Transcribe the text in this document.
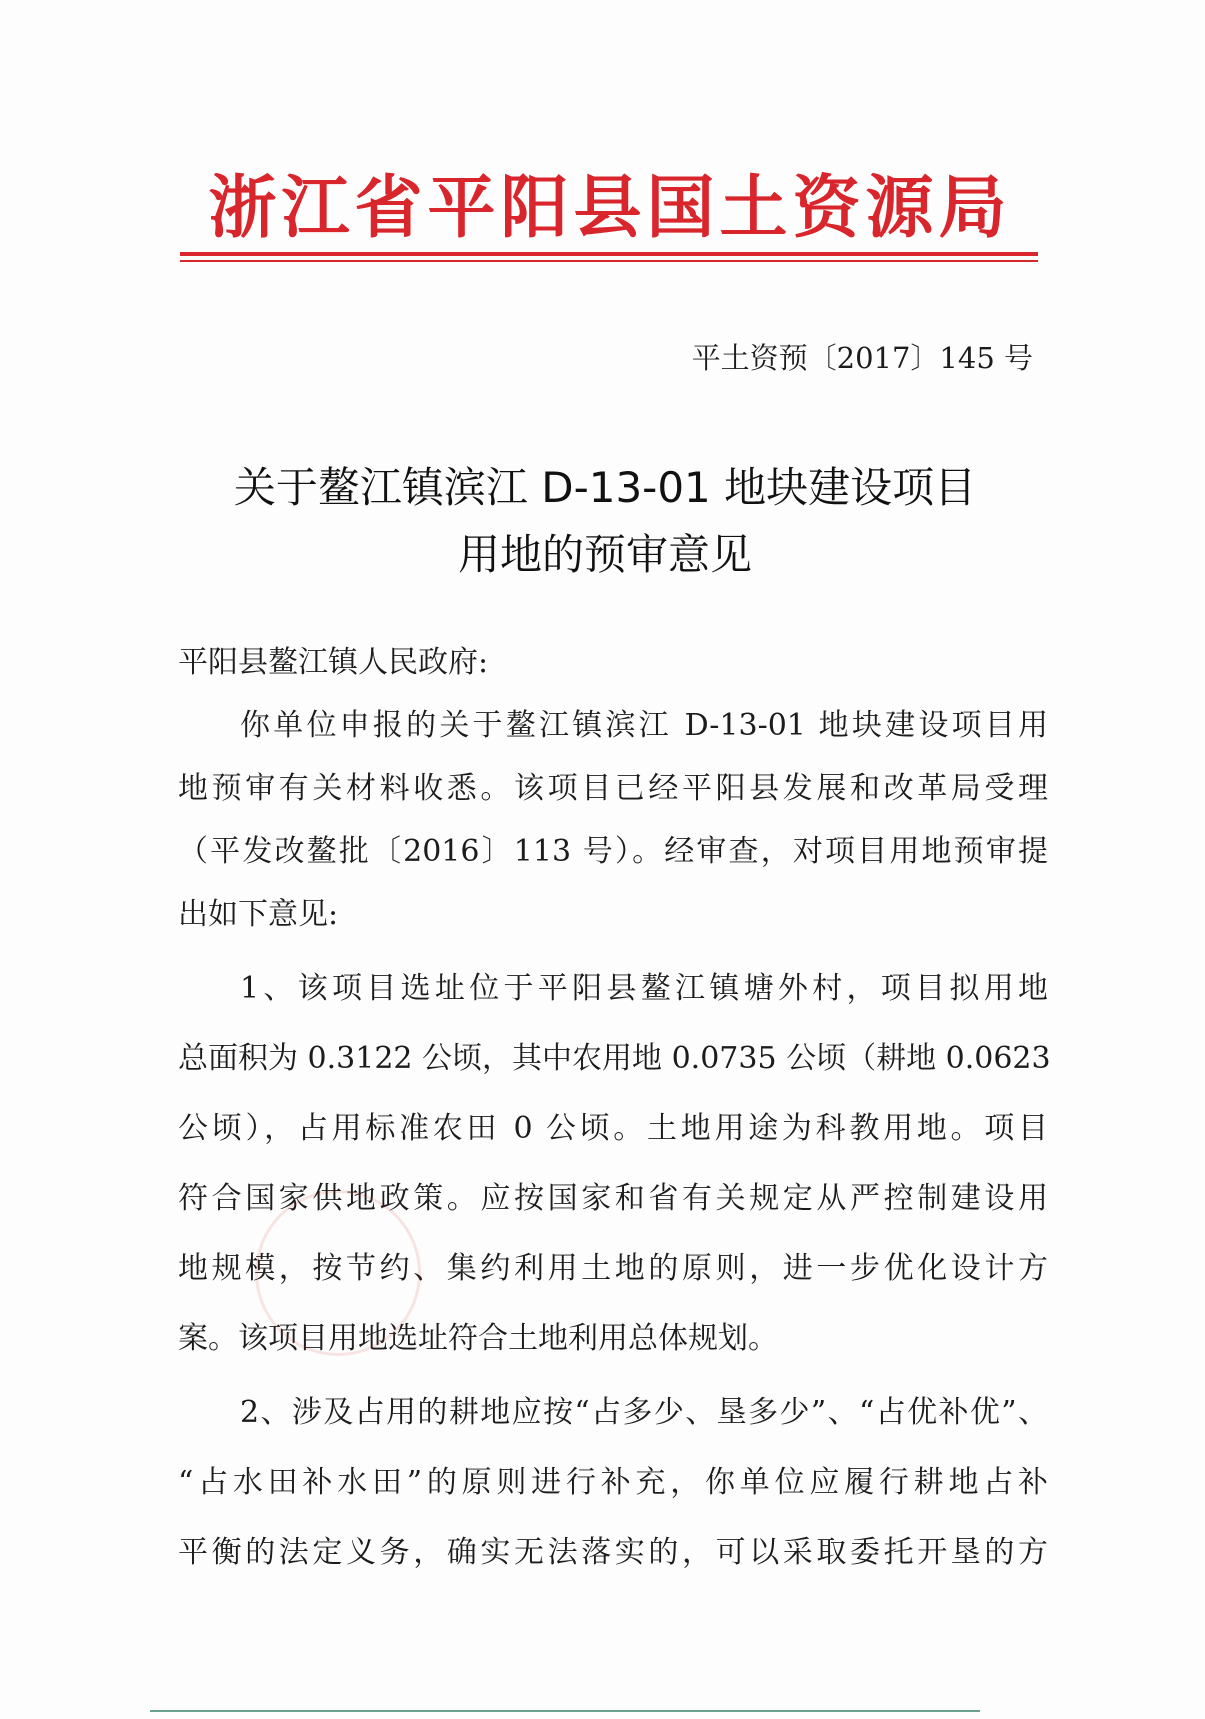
浙江省平阳县国土资源局
平土资预〔2017〕145 号
关于鳌江镇滨江 D-13-01 地块建设项目
用地的预审意见
平阳县鳌江镇人民政府:
你单位申报的关于鳌江镇滨江 D-13-01 地块建设项目用
地预审有关材料收悉。该项目已经平阳县发展和改革局受理
（平发改鳌批〔2016〕113 号）。经审查，对项目用地预审提
出如下意见:
1、该项目选址位于平阳县鳌江镇塘外村，项目拟用地
总面积为 0.3122 公顷，其中农用地 0.0735 公顷（耕地 0.0623
公顷），占用标准农田 0 公顷。土地用途为科教用地。项目
符合国家供地政策。应按国家和省有关规定从严控制建设用
地规模，按节约、集约利用土地的原则，进一步优化设计方
案。该项目用地选址符合土地利用总体规划。
2、涉及占用的耕地应按“占多少、垦多少”、“占优补优”、
“占水田补水田”的原则进行补充，你单位应履行耕地占补
平衡的法定义务，确实无法落实的，可以采取委托开垦的方
